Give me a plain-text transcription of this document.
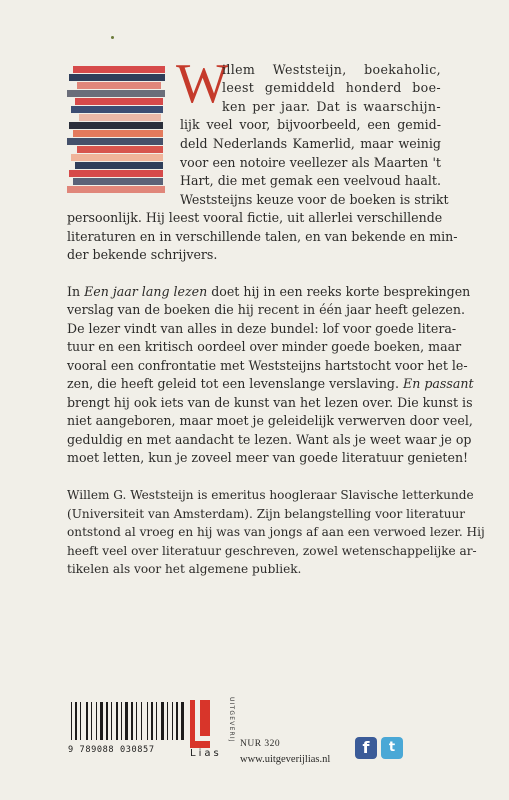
W
illem Weststeijn, boekaholic,
leest gemiddeld honderd boe-
ken per jaar. Dat is waarschijn-
lijk veel voor, bijvoorbeeld, een gemid-
deld Nederlands Kamerlid, maar weinig
voor een notoire veellezer als Maarten 't
Hart, die met gemak een veelvoud haalt.
Weststeijns keuze voor de boeken is strikt
persoonlijk. Hij leest vooral fictie, uit allerlei verschillende
literaturen en in verschillende talen, en van bekende en min-
der bekende schrijvers.
In Een jaar lang lezen doet hij in een reeks korte besprekingen
verslag van de boeken die hij recent in één jaar heeft gelezen.
De lezer vindt van alles in deze bundel: lof voor goede litera-
tuur en een kritisch oordeel over minder goede boeken, maar
vooral een confrontatie met Weststeijns hartstocht voor het le-
zen, die heeft geleid tot een levenslange verslaving. En passant
brengt hij ook iets van de kunst van het lezen over. Die kunst is
niet aangeboren, maar moet je geleidelijk verwerven door veel,
geduldig en met aandacht te lezen. Want als je weet waar je op
moet letten, kun je zoveel meer van goede literatuur genieten!
Willem G. Weststeijn is emeritus hoogleraar Slavische letterkunde
(Universiteit van Amsterdam). Zijn belangstelling voor literatuur
ontstond al vroeg en hij was van jongs af aan een verwoed lezer. Hij
heeft veel over literatuur geschreven, zowel wetenschappelijke ar-
tikelen als voor het algemene publiek.
9 789088 030857
UITGEVERIJ
Lias
NUR 320
www.uitgeverijlias.nl
f	t
